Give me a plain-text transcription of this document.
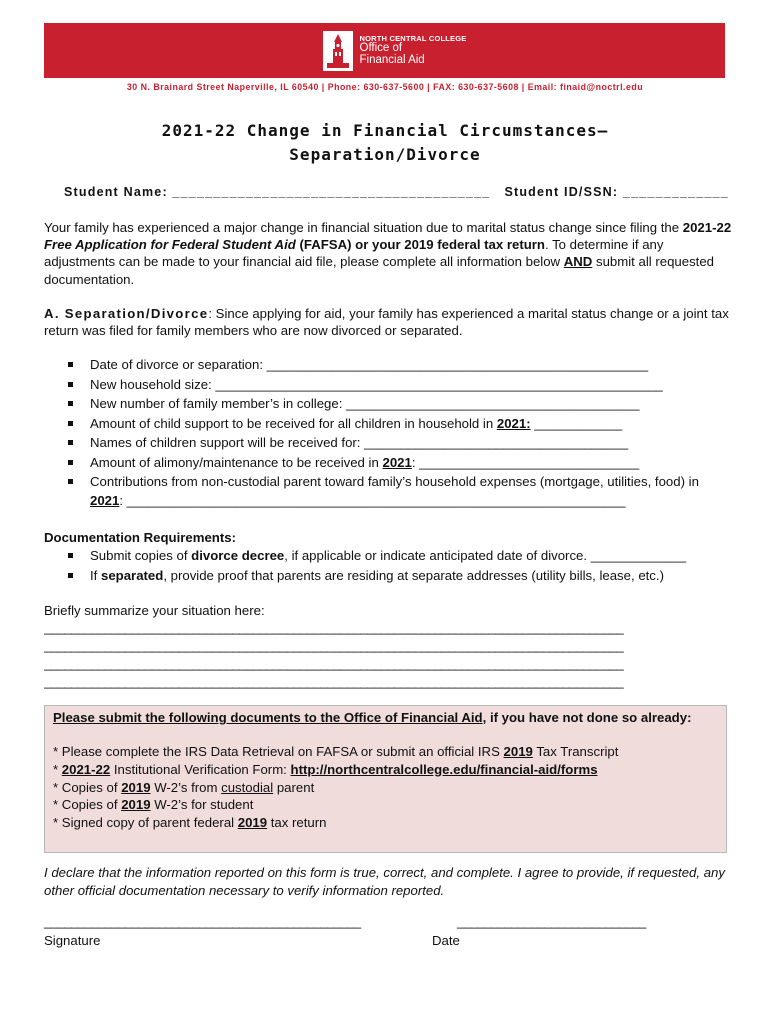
NORTH CENTRAL COLLEGE
Office of
Financial Aid
30 N. Brainard Street Naperville, IL 60540 | Phone: 630-637-5600 | FAX: 630-637-5608 | Email: finaid@noctrl.edu
2021-22 Change in Financial Circumstances–
Separation/Divorce
Student Name: _______________________________________ Student ID/SSN: _____________
Your family has experienced a major change in financial situation due to marital status change since filing the 2021-22 Free Application for Federal Student Aid (FAFSA) or your 2019 federal tax return. To determine if any adjustments can be made to your financial aid file, please complete all information below AND submit all requested documentation.
A. Separation/Divorce: Since applying for aid, your family has experienced a marital status change or a joint tax return was filed for family members who are now divorced or separated.
Date of divorce or separation: ____________________________________________________
New household size: _____________________________________________________________
New number of family member’s in college: ________________________________________
Amount of child support to be received for all children in household in 2021: ____________
Names of children support will be received for: ____________________________________
Amount of alimony/maintenance to be received in 2021: ______________________________
Contributions from non-custodial parent toward family’s household expenses (mortgage, utilities, food) in 2021: ____________________________________________________________________
Documentation Requirements:
Submit copies of divorce decree, if applicable or indicate anticipated date of divorce. _____________
If separated, provide proof that parents are residing at separate addresses (utility bills, lease, etc.)
Briefly summarize your situation here:
______________________________________________________________________________________
______________________________________________________________________________________
______________________________________________________________________________________
______________________________________________________________________________________
Please submit the following documents to the Office of Financial Aid, if you have not done so already:
* Please complete the IRS Data Retrieval on FAFSA or submit an official IRS 2019 Tax Transcript
* 2021-22 Institutional Verification Form: http://northcentralcollege.edu/financial-aid/forms
* Copies of 2019 W-2’s from custodial parent
* Copies of 2019 W-2’s for student
* Signed copy of parent federal 2019 tax return
I declare that the information reported on this form is true, correct, and complete. I agree to provide, if requested, any other official documentation necessary to verify information reported.
_______________________________________________	____________________________
Signature	Date
